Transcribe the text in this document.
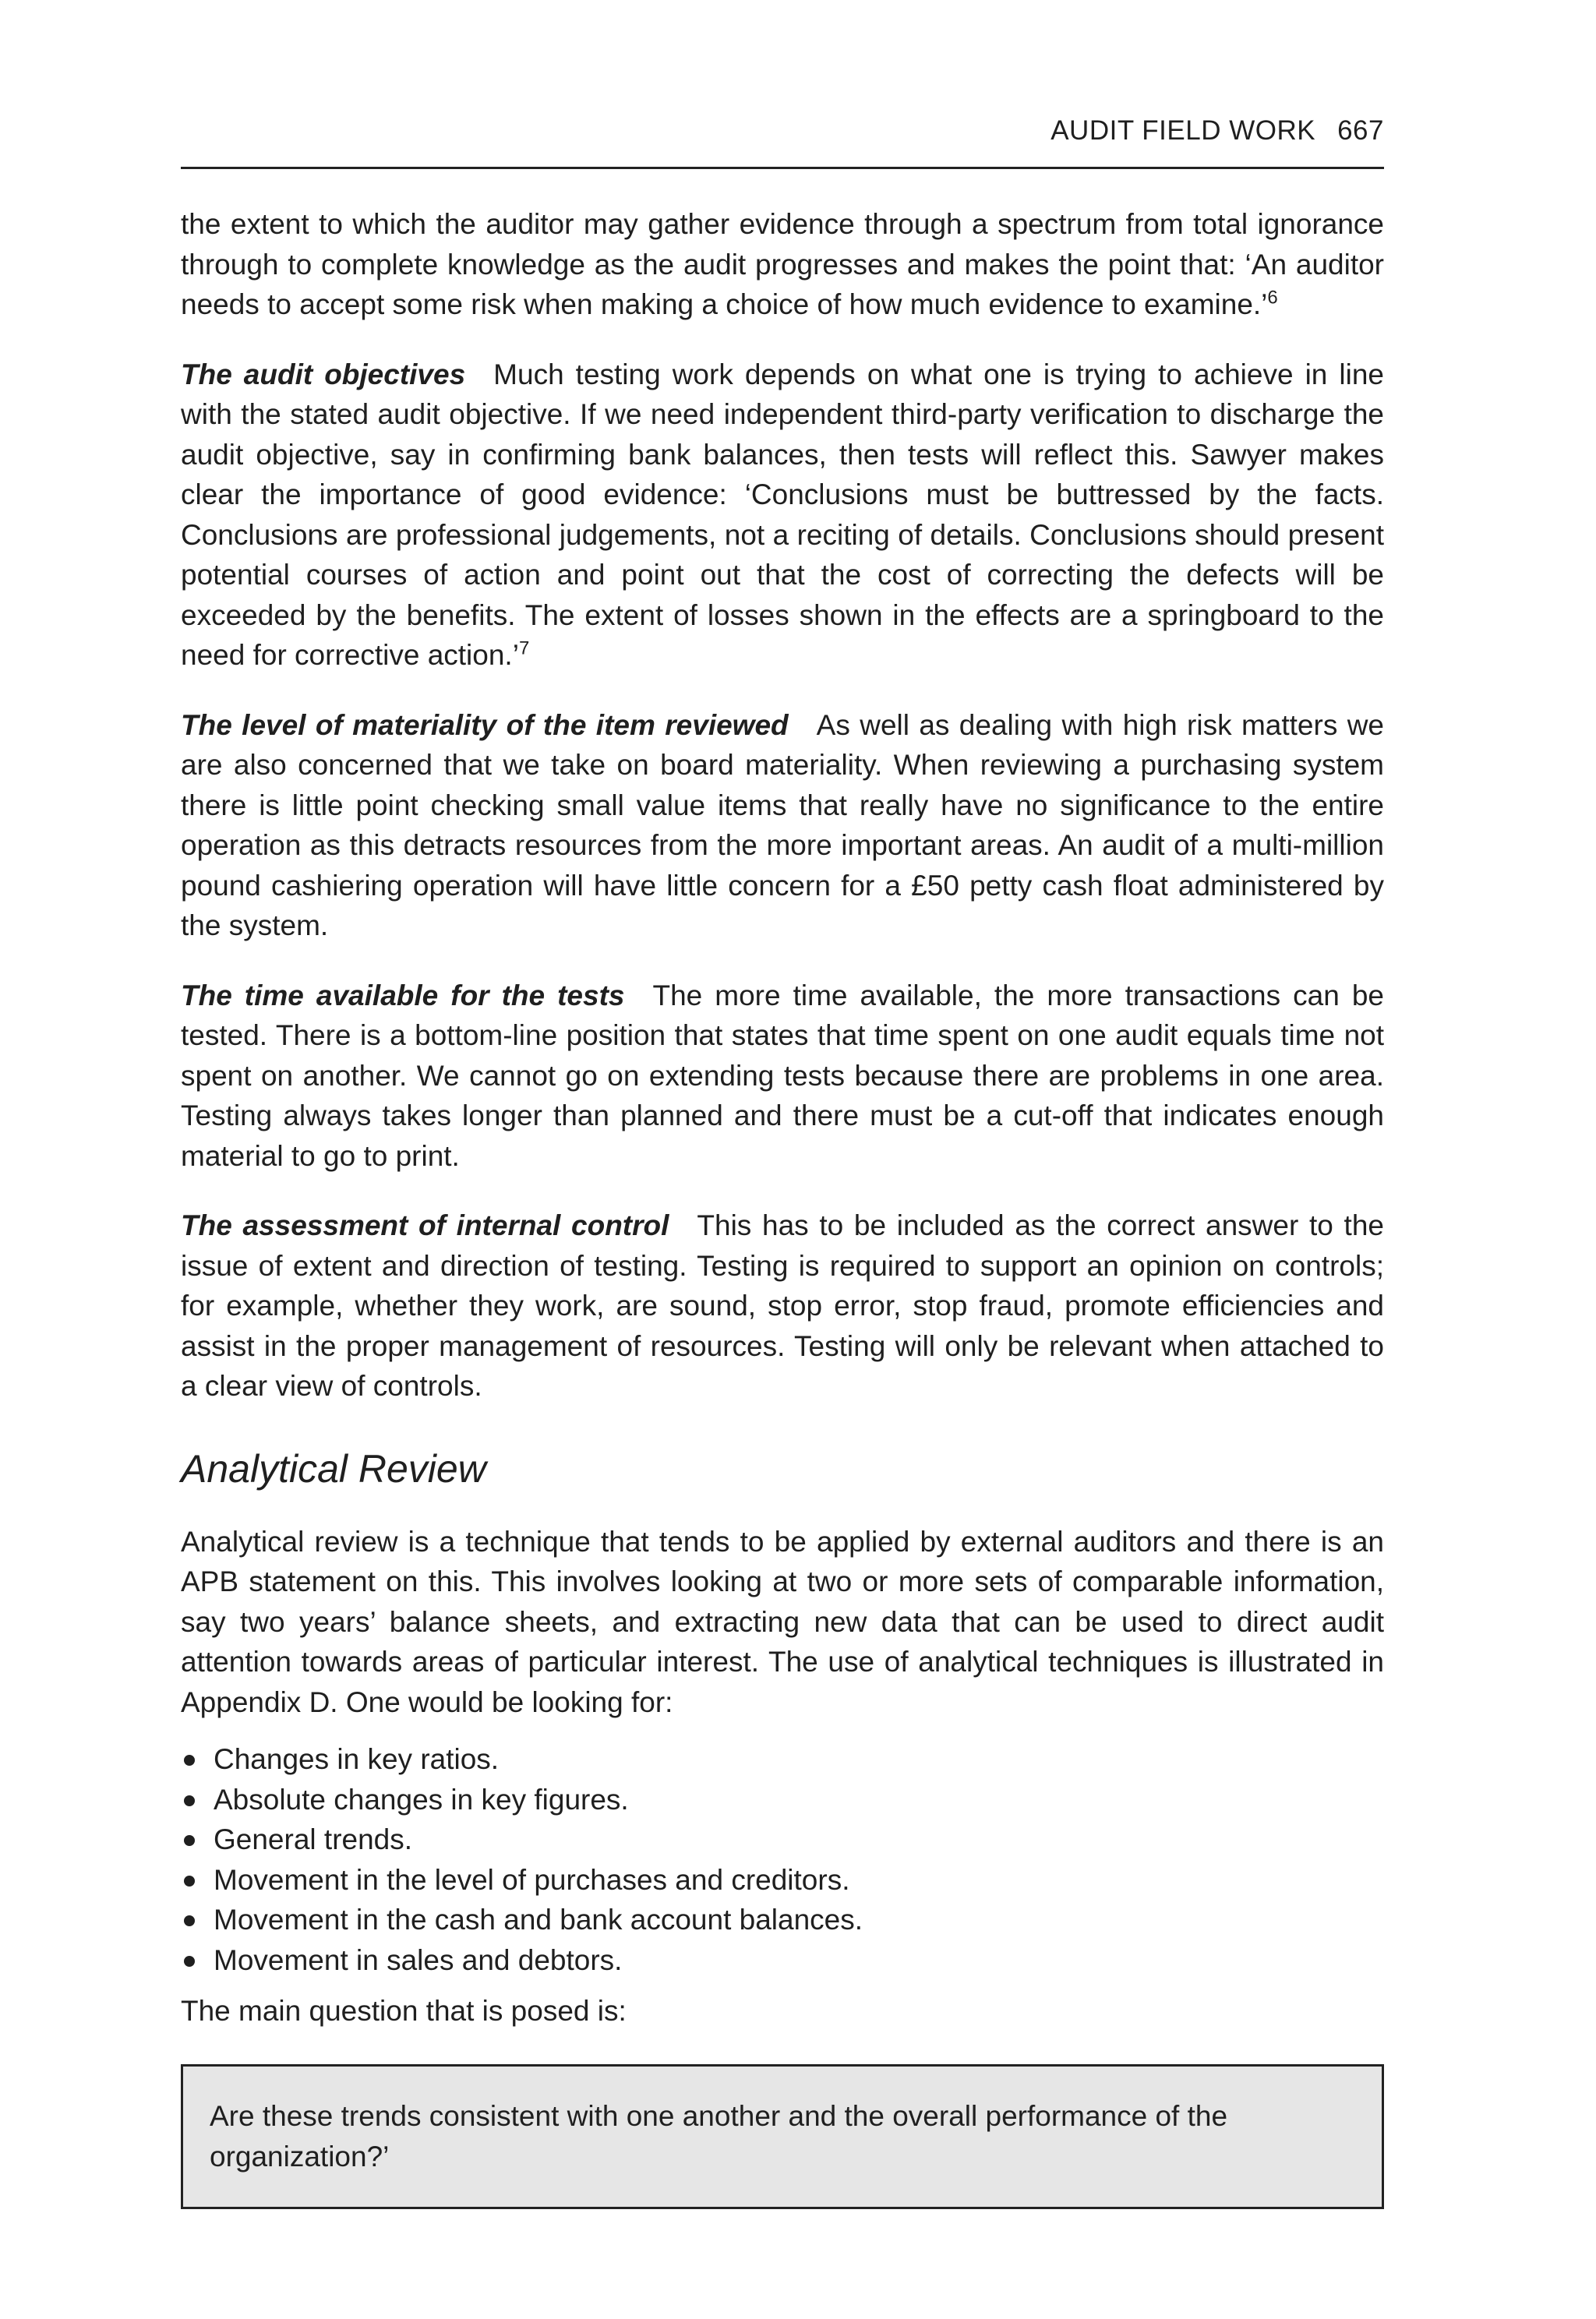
AUDIT FIELD WORK 667

the extent to which the auditor may gather evidence through a spectrum from total ignorance through to complete knowledge as the audit progresses and makes the point that: ‘An auditor needs to accept some risk when making a choice of how much evidence to examine.’$^6$

The audit objectives Much testing work depends on what one is trying to achieve in line with the stated audit objective. If we need independent third-party verification to discharge the audit objective, say in confirming bank balances, then tests will reflect this. Sawyer makes clear the importance of good evidence: ‘Conclusions must be buttressed by the facts. Conclusions are professional judgements, not a reciting of details. Conclusions should present potential courses of action and point out that the cost of correcting the defects will be exceeded by the benefits. The extent of losses shown in the effects are a springboard to the need for corrective action.’$^7$

The level of materiality of the item reviewed As well as dealing with high risk matters we are also concerned that we take on board materiality. When reviewing a purchasing system there is little point checking small value items that really have no significance to the entire operation as this detracts resources from the more important areas. An audit of a multi-million pound cashiering operation will have little concern for a £50 petty cash float administered by the system.

The time available for the tests The more time available, the more transactions can be tested. There is a bottom-line position that states that time spent on one audit equals time not spent on another. We cannot go on extending tests because there are problems in one area. Testing always takes longer than planned and there must be a cut-off that indicates enough material to go to print.

The assessment of internal control This has to be included as the correct answer to the issue of extent and direction of testing. Testing is required to support an opinion on controls; for example, whether they work, are sound, stop error, stop fraud, promote efficiencies and assist in the proper management of resources. Testing will only be relevant when attached to a clear view of controls.

Analytical Review

Analytical review is a technique that tends to be applied by external auditors and there is an APB statement on this. This involves looking at two or more sets of comparable information, say two years’ balance sheets, and extracting new data that can be used to direct audit attention towards areas of particular interest. The use of analytical techniques is illustrated in Appendix D. One would be looking for:

Changes in key ratios.
Absolute changes in key figures.
General trends.
Movement in the level of purchases and creditors.
Movement in the cash and bank account balances.
Movement in sales and debtors.

The main question that is posed is:

Are these trends consistent with one another and the overall performance of the organization?’
